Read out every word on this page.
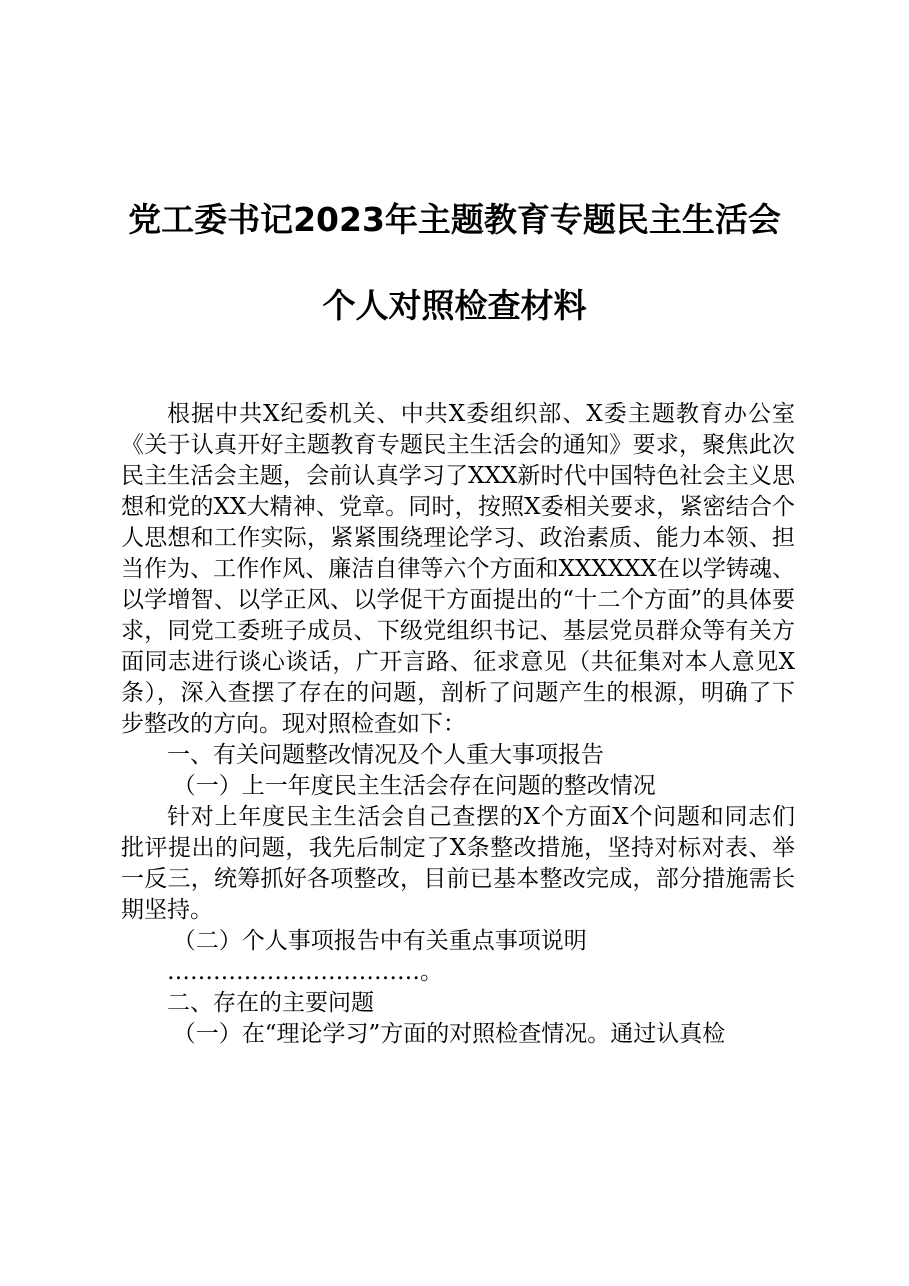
党工委书记2023年主题教育专题民主生活会
个人对照检查材料

根据中共X纪委机关、中共X委组织部、X委主题教育办公室《关于认真开好主题教育专题民主生活会的通知》要求，聚焦此次民主生活会主题，会前认真学习了XXX新时代中国特色社会主义思想和党的XX大精神、党章。同时，按照X委相关要求，紧密结合个人思想和工作实际，紧紧围绕理论学习、政治素质、能力本领、担当作为、工作作风、廉洁自律等六个方面和XXXXXX在以学铸魂、以学增智、以学正风、以学促干方面提出的“十二个方面”的具体要求，同党工委班子成员、下级党组织书记、基层党员群众等有关方面同志进行谈心谈话，广开言路、征求意见（共征集对本人意见X条），深入查摆了存在的问题，剖析了问题产生的根源，明确了下步整改的方向。现对照检查如下：

一、有关问题整改情况及个人重大事项报告

（一）上一年度民主生活会存在问题的整改情况

针对上年度民主生活会自己查摆的X个方面X个问题和同志们批评提出的问题，我先后制定了X条整改措施，坚持对标对表、举一反三，统筹抓好各项整改，目前已基本整改完成，部分措施需长期坚持。

（二）个人事项报告中有关重点事项说明

……………………………。

二、存在的主要问题

（一）在“理论学习”方面的对照检查情况。通过认真检
